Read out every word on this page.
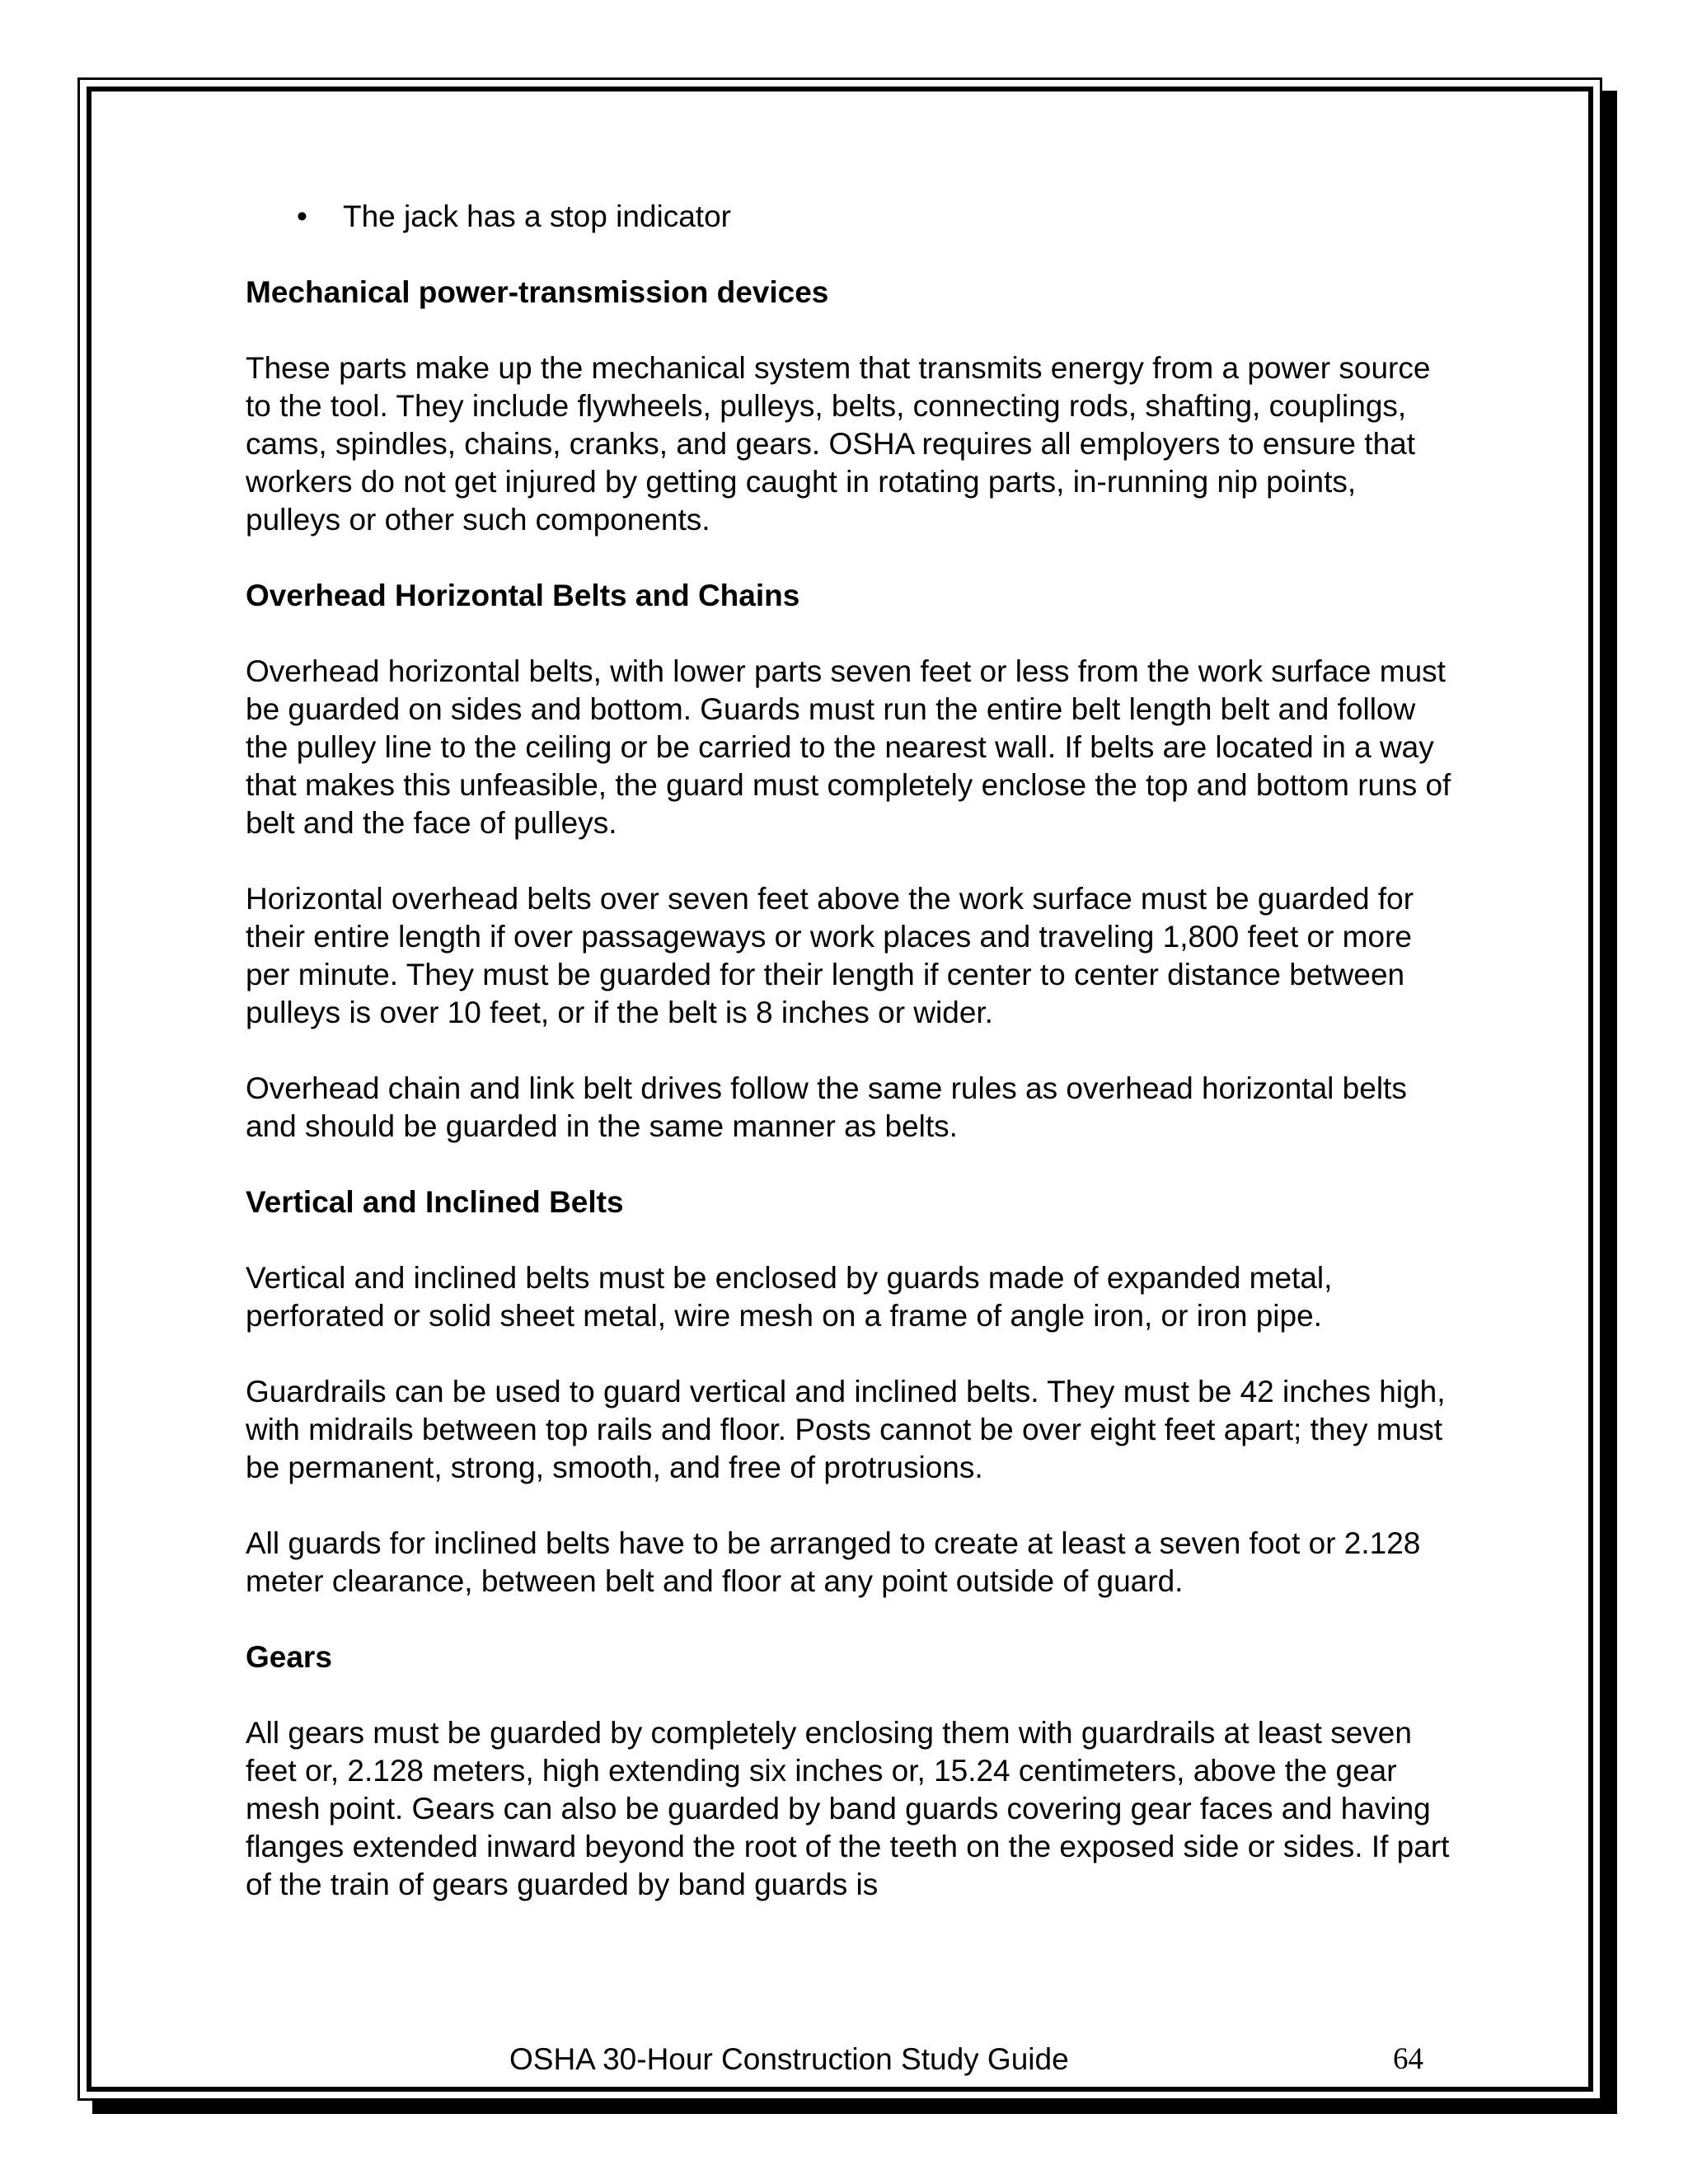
•	The jack has a stop indicator
Mechanical power-transmission devices

These parts make up the mechanical system that transmits energy from a power source to the tool. They include flywheels, pulleys, belts, connecting rods, shafting, couplings, cams, spindles, chains, cranks, and gears. OSHA requires all employers to ensure that workers do not get injured by getting caught in rotating parts, in-running nip points, pulleys or other such components.

Overhead Horizontal Belts and Chains

Overhead horizontal belts, with lower parts seven feet or less from the work surface must be guarded on sides and bottom. Guards must run the entire belt length belt and follow the pulley line to the ceiling or be carried to the nearest wall. If belts are located in a way that makes this unfeasible, the guard must completely enclose the top and bottom runs of belt and the face of pulleys.

Horizontal overhead belts over seven feet above the work surface must be guarded for their entire length if over passageways or work places and traveling 1,800 feet or more per minute. They must be guarded for their length if center to center distance between pulleys is over 10 feet, or if the belt is 8 inches or wider.

Overhead chain and link belt drives follow the same rules as overhead horizontal belts and should be guarded in the same manner as belts.

Vertical and Inclined Belts

Vertical and inclined belts must be enclosed by guards made of expanded metal, perforated or solid sheet metal, wire mesh on a frame of angle iron, or iron pipe.

Guardrails can be used to guard vertical and inclined belts. They must be 42 inches high, with midrails between top rails and floor. Posts cannot be over eight feet apart; they must be permanent, strong, smooth, and free of protrusions.

All guards for inclined belts have to be arranged to create at least a seven foot or 2.128 meter clearance, between belt and floor at any point outside of guard.

Gears

All gears must be guarded by completely enclosing them with guardrails at least seven feet or, 2.128 meters, high extending six inches or, 15.24 centimeters, above the gear mesh point. Gears can also be guarded by band guards covering gear faces and having flanges extended inward beyond the root of the teeth on the exposed side or sides. If part of the train of gears guarded by band guards is

OSHA 30-Hour Construction Study Guide	64
